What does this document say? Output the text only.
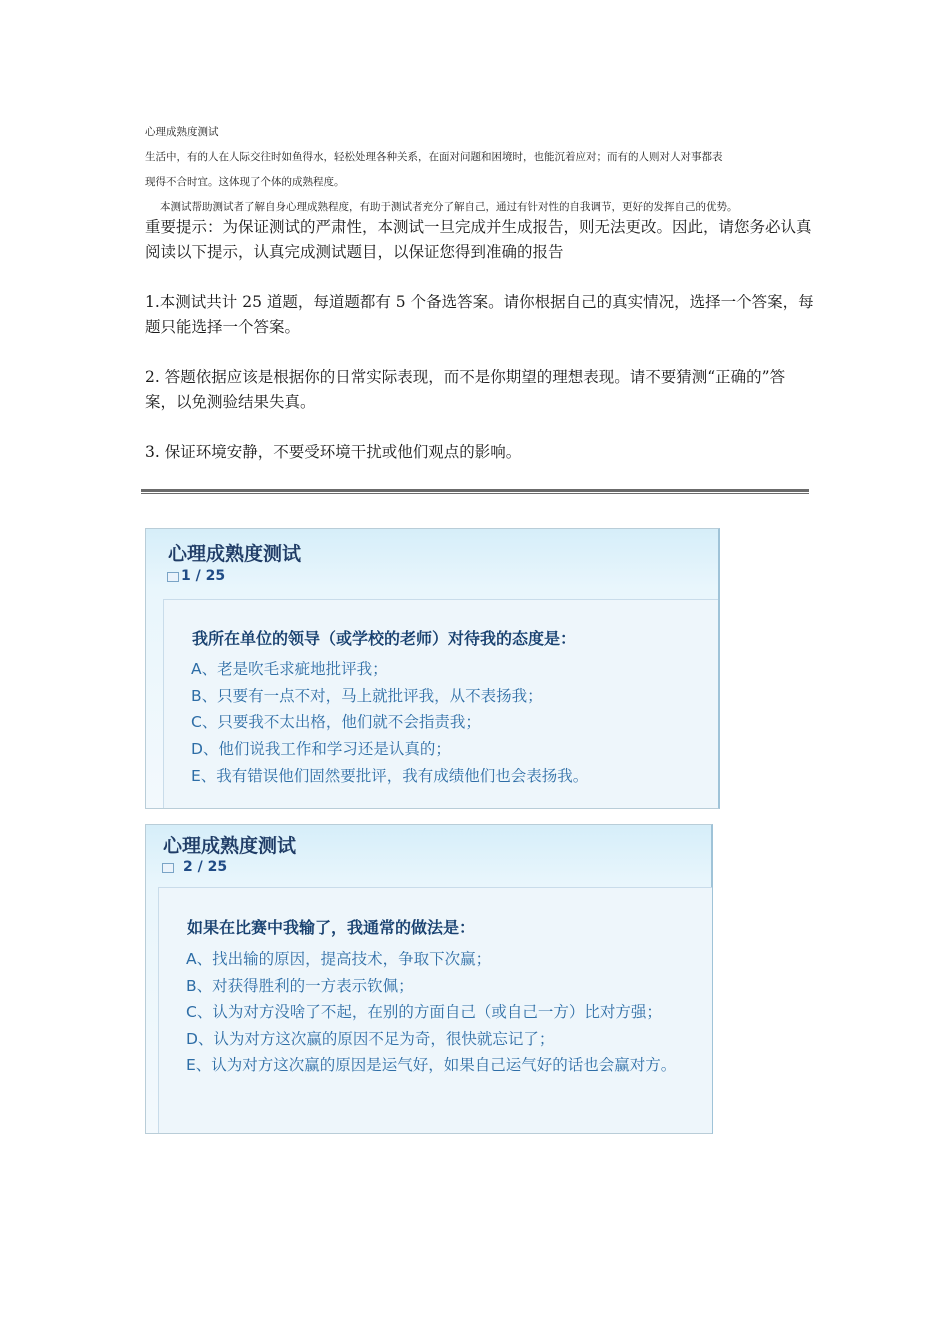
心理成熟度测试
生活中，有的人在人际交往时如鱼得水，轻松处理各种关系，在面对问题和困境时，也能沉着应对；而有的人则对人对事都表
现得不合时宜。这体现了个体的成熟程度。
本测试帮助测试者了解自身心理成熟程度，有助于测试者充分了解自己，通过有针对性的自我调节，更好的发挥自己的优势。
重要提示：为保证测试的严肃性，本测试一旦完成并生成报告，则无法更改。因此，请您务必认真阅读以下提示，认真完成测试题目，以保证您得到准确的报告
1.本测试共计 25 道题，每道题都有 5 个备选答案。请你根据自己的真实情况，选择一个答案，每题只能选择一个答案。
2. 答题依据应该是根据你的日常实际表现，而不是你期望的理想表现。请不要猜测“正确的”答案，以免测验结果失真。
3. 保证环境安静，不要受环境干扰或他们观点的影响。
心理成熟度测试
1 / 25
我所在单位的领导（或学校的老师）对待我的态度是：
A、老是吹毛求疵地批评我；
B、只要有一点不对，马上就批评我，从不表扬我；
C、只要我不太出格，他们就不会指责我；
D、他们说我工作和学习还是认真的；
E、我有错误他们固然要批评，我有成绩他们也会表扬我。
心理成熟度测试
2 / 25
如果在比赛中我输了，我通常的做法是：
A、找出输的原因，提高技术，争取下次赢；
B、对获得胜利的一方表示钦佩；
C、认为对方没啥了不起，在别的方面自己（或自己一方）比对方强；
D、认为对方这次赢的原因不足为奇，很快就忘记了；
E、认为对方这次赢的原因是运气好，如果自己运气好的话也会赢对方。
